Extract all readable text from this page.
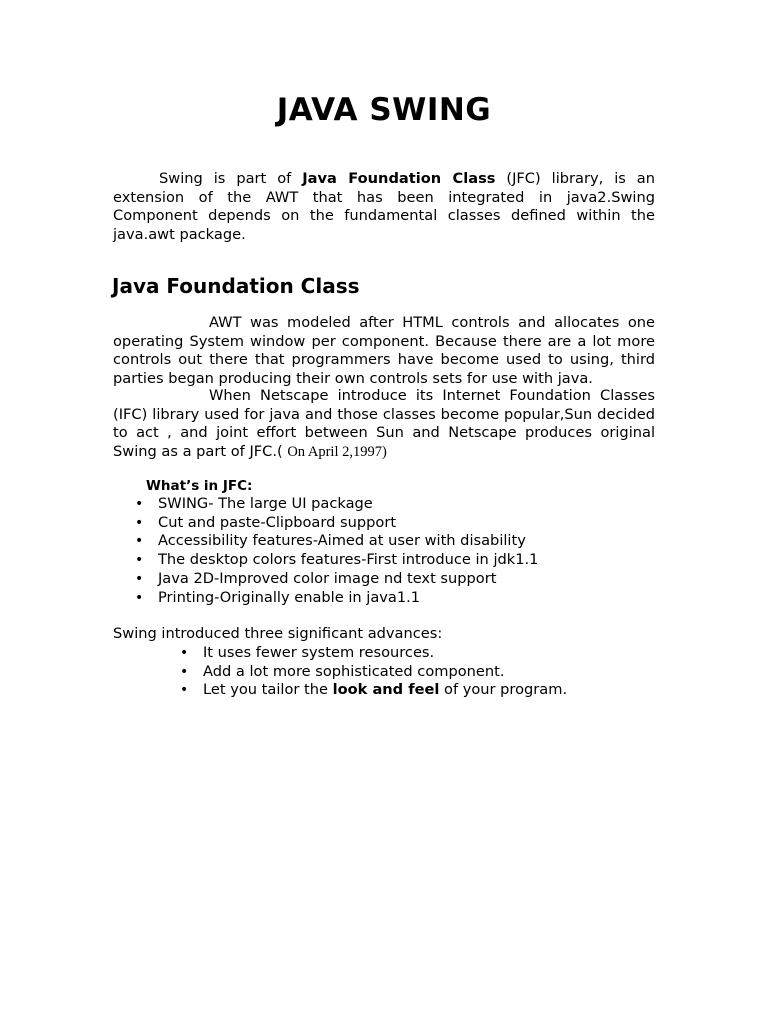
JAVA SWING

Swing is part of Java Foundation Class (JFC) library, is an extension of the AWT that has been integrated in java2.Swing Component depends on the fundamental classes defined within the java.awt package.

Java Foundation Class

AWT was modeled after HTML controls and allocates one operating System window per component. Because there are a lot more controls out there that programmers have become used to using, third parties began producing their own controls sets for use with java.

When Netscape introduce its Internet Foundation Classes (IFC) library used for java and those classes become popular,Sun decided to act , and joint effort between Sun and Netscape produces original Swing as a part of JFC.( On April 2,1997)

What’s in JFC:

• SWING- The large UI package
• Cut and paste-Clipboard support
• Accessibility features-Aimed at user with disability
• The desktop colors features-First introduce in jdk1.1
• Java 2D-Improved color image nd text support
• Printing-Originally enable in java1.1

Swing introduced three significant advances:

• It uses fewer system resources.
• Add a lot more sophisticated component.
• Let you tailor the look and feel of your program.
